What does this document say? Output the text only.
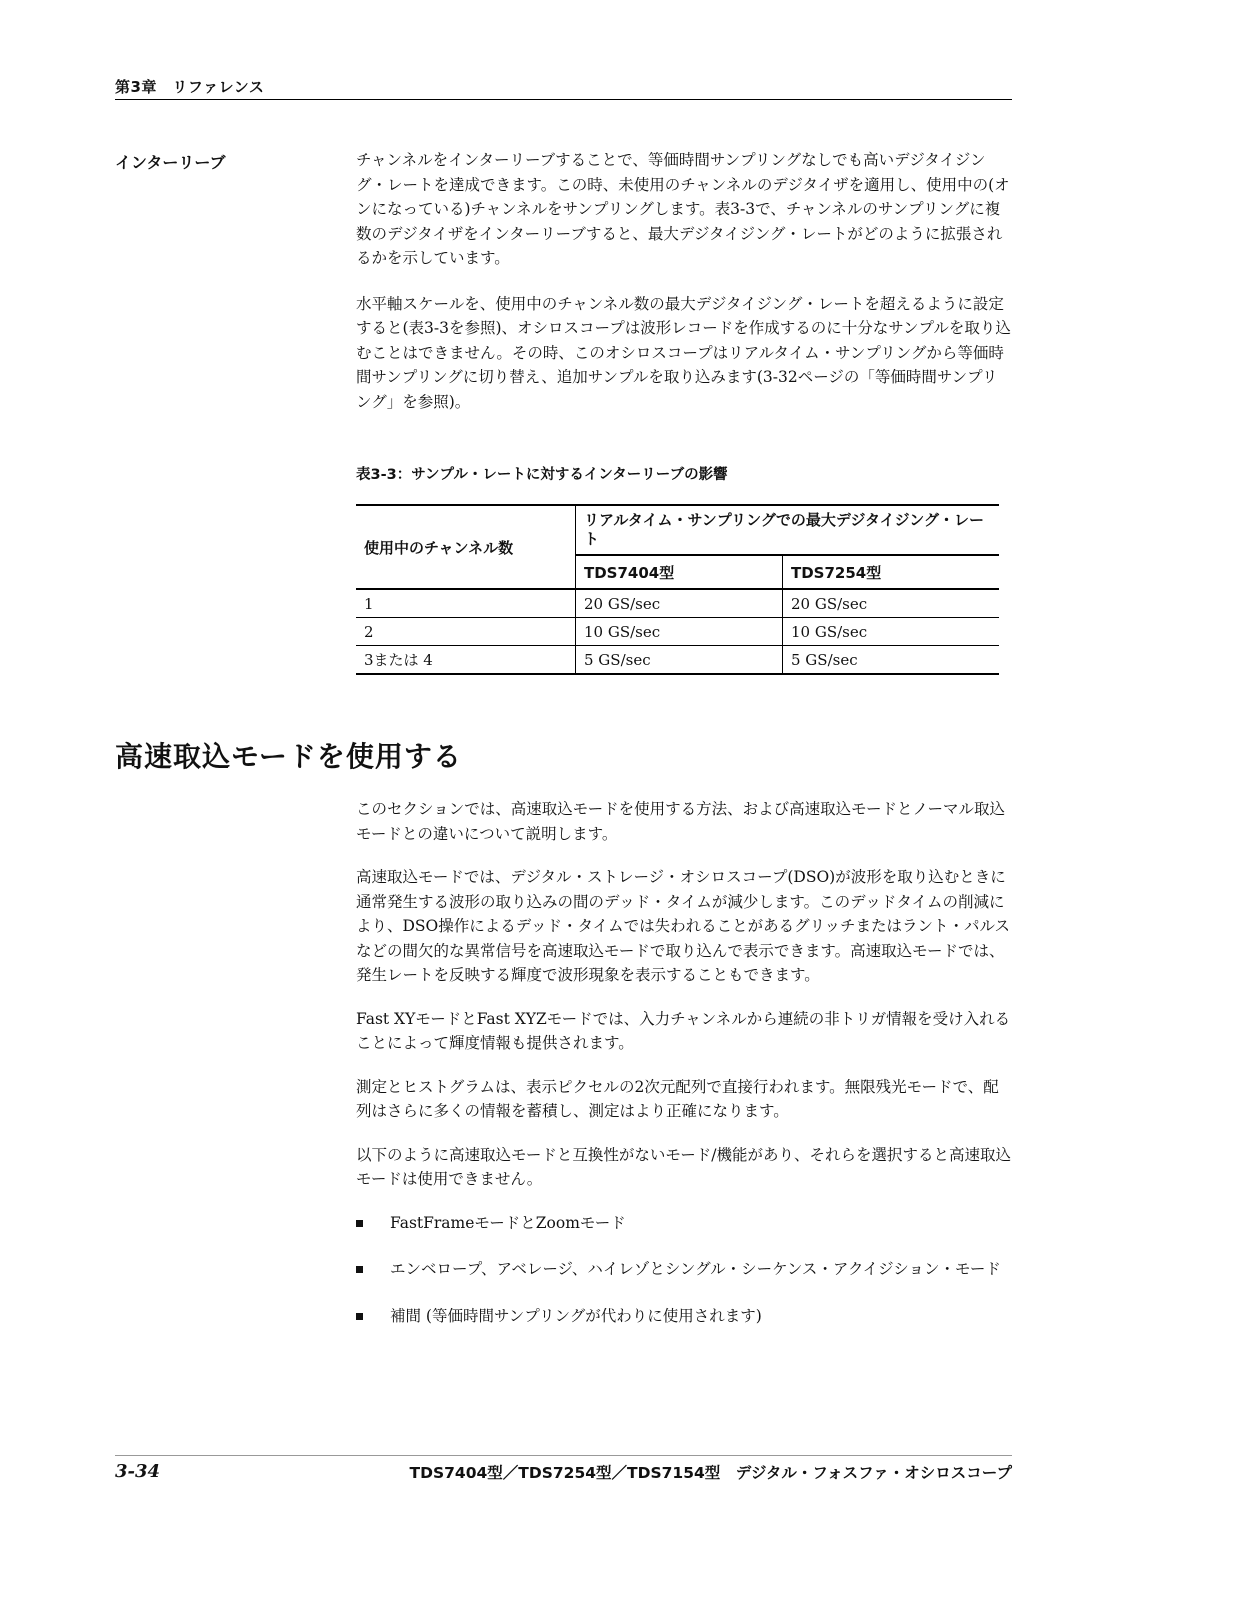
第3章　リファレンス
インターリーブ	チャンネルをインターリーブすることで、等価時間サンプリングなしでも高いデジタイジング・レートを達成できます。この時、未使用のチャンネルのデジタイザを適用し、使用中の(オンになっている)チャンネルをサンプリングします。表3-3で、チャンネルのサンプリングに複数のデジタイザをインターリーブすると、最大デジタイジング・レートがどのように拡張されるかを示しています。

水平軸スケールを、使用中のチャンネル数の最大デジタイジング・レートを超えるように設定すると(表3-3を参照)、オシロスコープは波形レコードを作成するのに十分なサンプルを取り込むことはできません。その時、このオシロスコープはリアルタイム・サンプリングから等価時間サンプリングに切り替え、追加サンプルを取り込みます(3-32ページの「等価時間サンプリング」を参照)。

表3-3：サンプル・レートに対するインターリーブの影響
使用中のチャンネル数	リアルタイム・サンプリングでの最大デジタイジング・レート	
	TDS7404型	TDS7254型
1	20 GS/sec	20 GS/sec
2	10 GS/sec	10 GS/sec
3または 4	5 GS/sec	5 GS/sec
高速取込モードを使用する

このセクションでは、高速取込モードを使用する方法、および高速取込モードとノーマル取込モードとの違いについて説明します。

高速取込モードでは、デジタル・ストレージ・オシロスコープ(DSO)が波形を取り込むときに通常発生する波形の取り込みの間のデッド・タイムが減少します。このデッドタイムの削減により、DSO操作によるデッド・タイムでは失われることがあるグリッチまたはラント・パルスなどの間欠的な異常信号を高速取込モードで取り込んで表示できます。高速取込モードでは、発生レートを反映する輝度で波形現象を表示することもできます。

Fast XYモードとFast XYZモードでは、入力チャンネルから連続の非トリガ情報を受け入れることによって輝度情報も提供されます。

測定とヒストグラムは、表示ピクセルの2次元配列で直接行われます。無限残光モードで、配列はさらに多くの情報を蓄積し、測定はより正確になります。

以下のように高速取込モードと互換性がないモード/機能があり、それらを選択すると高速取込モードは使用できません。

FastFrameモードとZoomモード
エンベロープ、アベレージ、ハイレゾとシングル・シーケンス・アクイジション・モード
補間 (等価時間サンプリングが代わりに使用されます)
3-34	TDS7404型／TDS7254型／TDS7154型　デジタル・フォスファ・オシロスコープ
